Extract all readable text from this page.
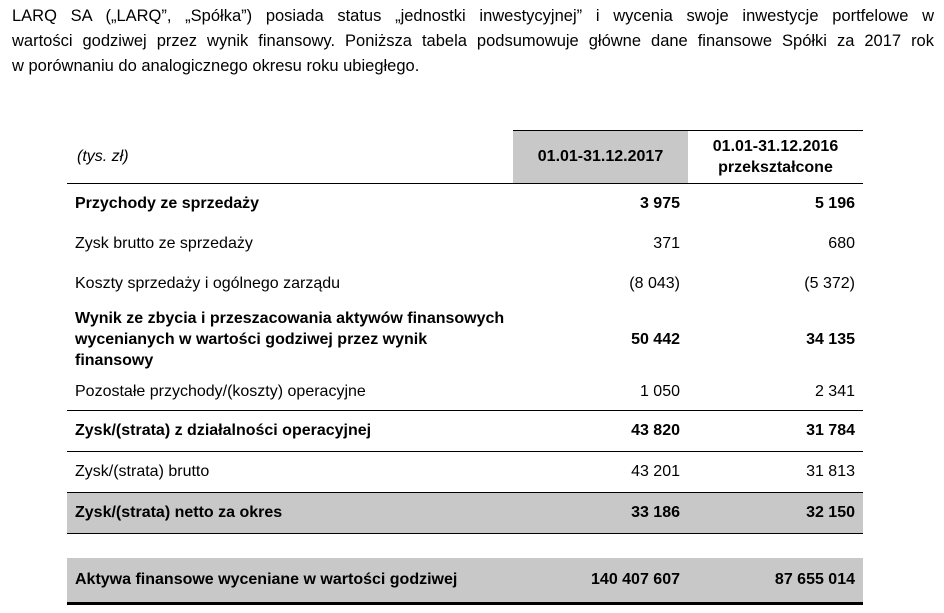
LARQ SA („LARQ”, „Spółka”) posiada status „jednostki inwestycyjnej” i wycenia swoje inwestycje portfelowe w
wartości godziwej przez wynik finansowy. Poniższa tabela podsumowuje główne dane finansowe Spółki za 2017 rok
w porównaniu do analogicznego okresu roku ubiegłego.
(tys. zł)	01.01-31.12.2017	01.01-31.12.2016
przekształcone

Przychody ze sprzedaży	3 975	5 196
Zysk brutto ze sprzedaży	371	680
Koszty sprzedaży i ogólnego zarządu	(8 043)	(5 372)
Wynik ze zbycia i przeszacowania aktywów finansowych wycenianych w wartości godziwej przez wynik finansowy	50 442	34 135
Pozostałe przychody/(koszty) operacyjne	1 050	2 341
Zysk/(strata) z działalności operacyjnej	43 820	31 784
Zysk/(strata) brutto	43 201	31 813
Zysk/(strata) netto za okres	33 186	32 150

Aktywa finansowe wyceniane w wartości godziwej	140 407 607	87 655 014
